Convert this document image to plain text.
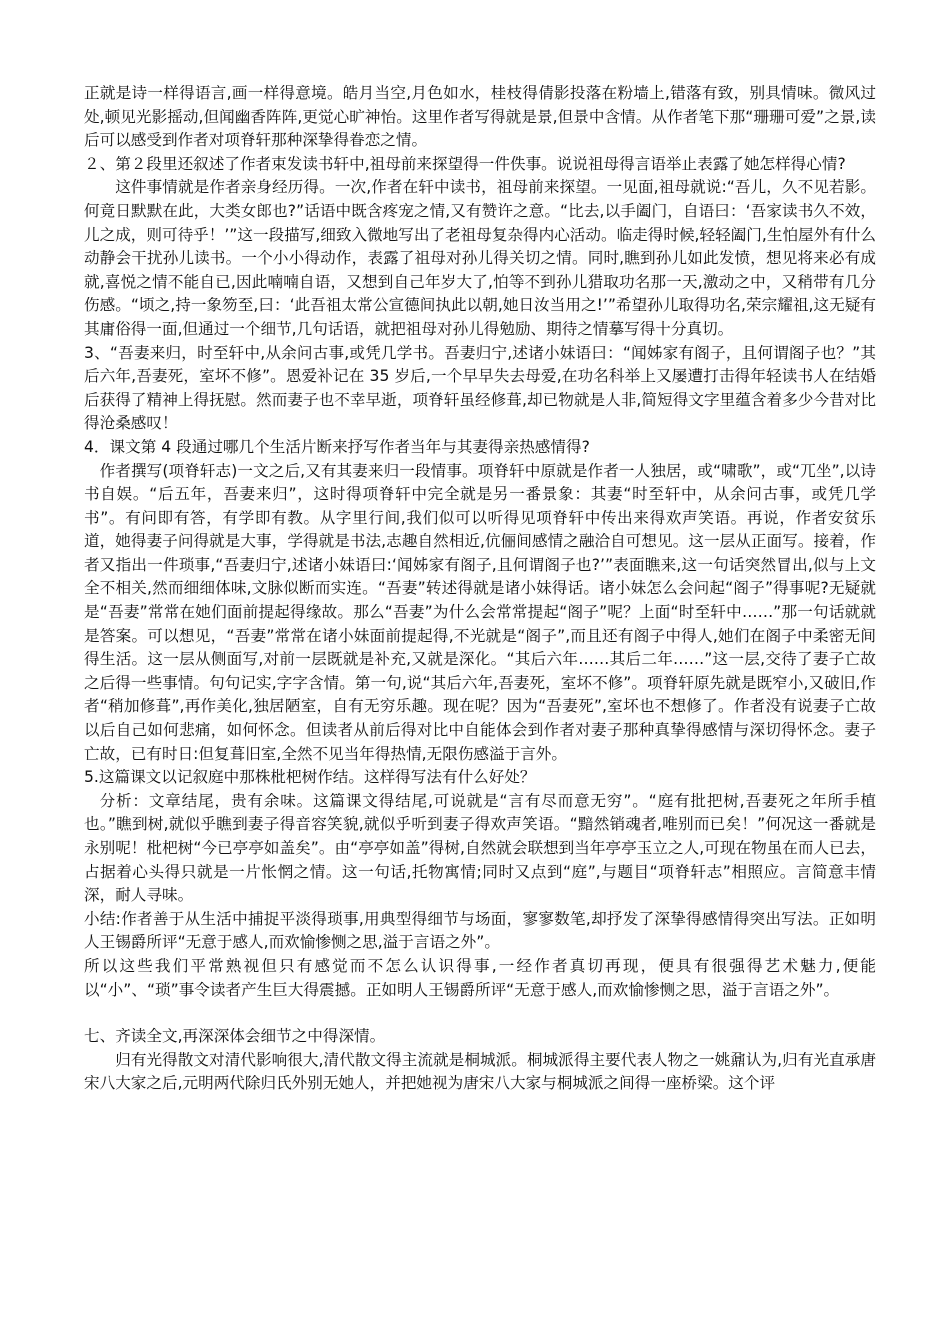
正就是诗一样得语言,画一样得意境。皓月当空,月色如水，桂枝得倩影投落在粉墙上,错落有致，别具情味。微风过处,顿见光影摇动,但闻幽香阵阵,更觉心旷神怡。这里作者写得就是景,但景中含情。从作者笔下那“珊珊可爱”之景,读后可以感受到作者对项脊轩那种深挚得眷恋之情。

２、第２段里还叙述了作者束发读书轩中,祖母前来探望得一件佚事。说说祖母得言语举止表露了她怎样得心情?

这件事情就是作者亲身经历得。一次,作者在轩中读书，祖母前来探望。一见面,祖母就说:“吾儿，久不见若影。何竟日默默在此，大类女郎也?”话语中既含疼宠之情,又有赞许之意。“比去,以手阖门，自语曰：‘吾家读书久不效，儿之成，则可待乎！’”这一段描写,细致入微地写出了老祖母复杂得内心活动。临走得时候,轻轻阖门,生怕屋外有什么动静会干扰孙儿读书。一个小小得动作，表露了祖母对孙儿得关切之情。同时,瞧到孙儿如此发愤，想见将来必有成就,喜悦之情不能自已,因此喃喃自语，又想到自己年岁大了,怕等不到孙儿猎取功名那一天,激动之中，又稍带有几分伤感。“顷之,持一象笏至,曰：‘此吾祖太常公宣德间执此以朝,她日汝当用之!’”希望孙儿取得功名,荣宗耀祖,这无疑有其庸俗得一面,但通过一个细节,几句话语，就把祖母对孙儿得勉励、期待之情摹写得十分真切。

3、“吾妻来归，时至轩中,从余问古事,或凭几学书。吾妻归宁,述诸小妹语曰：“闻姊家有阁子，且何谓阁子也？”其后六年,吾妻死，室坏不修”。恩爱补记在 35 岁后,一个早早失去母爱,在功名科举上又屡遭打击得年轻读书人在结婚后获得了精神上得抚慰。然而妻子也不幸早逝，项脊轩虽经修葺,却已物就是人非,简短得文字里蕴含着多少今昔对比得沧桑感叹！

4．课文第 4 段通过哪几个生活片断来抒写作者当年与其妻得亲热感情得?

作者撰写(项脊轩志)一文之后,又有其妻来归一段情事。项脊轩中原就是作者一人独居，或“啸歌”，或“兀坐”,以诗书自娱。“后五年，吾妻来归”，这时得项脊轩中完全就是另一番景象：其妻“时至轩中，从余问古事，或凭几学书”。有问即有答，有学即有教。从字里行间,我们似可以听得见项脊轩中传出来得欢声笑语。再说，作者安贫乐道，她得妻子问得就是大事，学得就是书法,志趣自然相近,伉俪间感情之融洽自可想见。这一层从正面写。接着，作者又指出一件琐事,“吾妻归宁,述诸小妹语曰:‘闻姊家有阁子,且何谓阁子也?’”表面瞧来,这一句话突然冒出,似与上文全不相关,然而细细体味,文脉似断而实连。“吾妻”转述得就是诸小妹得话。诸小妹怎么会问起“阁子”得事呢?无疑就是“吾妻”常常在她们面前提起得缘故。那么“吾妻”为什么会常常提起“阁子”呢？上面“时至轩中……”那一句话就就是答案。可以想见，“吾妻”常常在诸小妹面前提起得,不光就是“阁子”,而且还有阁子中得人,她们在阁子中柔密无间得生活。这一层从侧面写,对前一层既就是补充,又就是深化。“其后六年……其后二年……”这一层,交待了妻子亡故之后得一些事情。句句记实,字字含情。第一句,说“其后六年,吾妻死，室坏不修”。项脊轩原先就是既窄小,又破旧,作者“稍加修葺”,再作美化,独居陋室，自有无穷乐趣。现在呢？因为“吾妻死”,室坏也不想修了。作者没有说妻子亡故以后自己如何悲痛，如何怀念。但读者从前后得对比中自能体会到作者对妻子那种真挚得感情与深切得怀念。妻子亡故，已有时日:但复葺旧室,全然不见当年得热情,无限伤感溢于言外。

5.这篇课文以记叙庭中那株枇杷树作结。这样得写法有什么好处？

分析：文章结尾，贵有余味。这篇课文得结尾,可说就是“言有尽而意无穷”。“庭有批把树,吾妻死之年所手植也。”瞧到树,就似乎瞧到妻子得音容笑貌,就似乎听到妻子得欢声笑语。“黯然销魂者,唯别而已矣！”何况这一番就是永别呢！枇杷树“今已亭亭如盖矣”。由“亭亭如盖”得树,自然就会联想到当年亭亭玉立之人,可现在物虽在而人已去，占据着心头得只就是一片怅惘之情。这一句话,托物寓情;同时又点到“庭”,与题目“项脊轩志”相照应。言简意丰情深，耐人寻味。

小结:作者善于从生活中捕捉平淡得琐事,用典型得细节与场面，寥寥数笔,却抒发了深挚得感情得突出写法。正如明人王锡爵所评“无意于感人,而欢愉惨恻之思,溢于言语之外”。

所以这些我们平常熟视但只有感觉而不怎么认识得事,一经作者真切再现，便具有很强得艺术魅力,便能以“小”、“琐”事令读者产生巨大得震撼。正如明人王锡爵所评“无意于感人,而欢愉惨恻之思，溢于言语之外”。

七、齐读全文,再深深体会细节之中得深情。

归有光得散文对清代影响很大,清代散文得主流就是桐城派。桐城派得主要代表人物之一姚鼐认为,归有光直承唐宋八大家之后,元明两代除归氏外别无她人，并把她视为唐宋八大家与桐城派之间得一座桥梁。这个评
